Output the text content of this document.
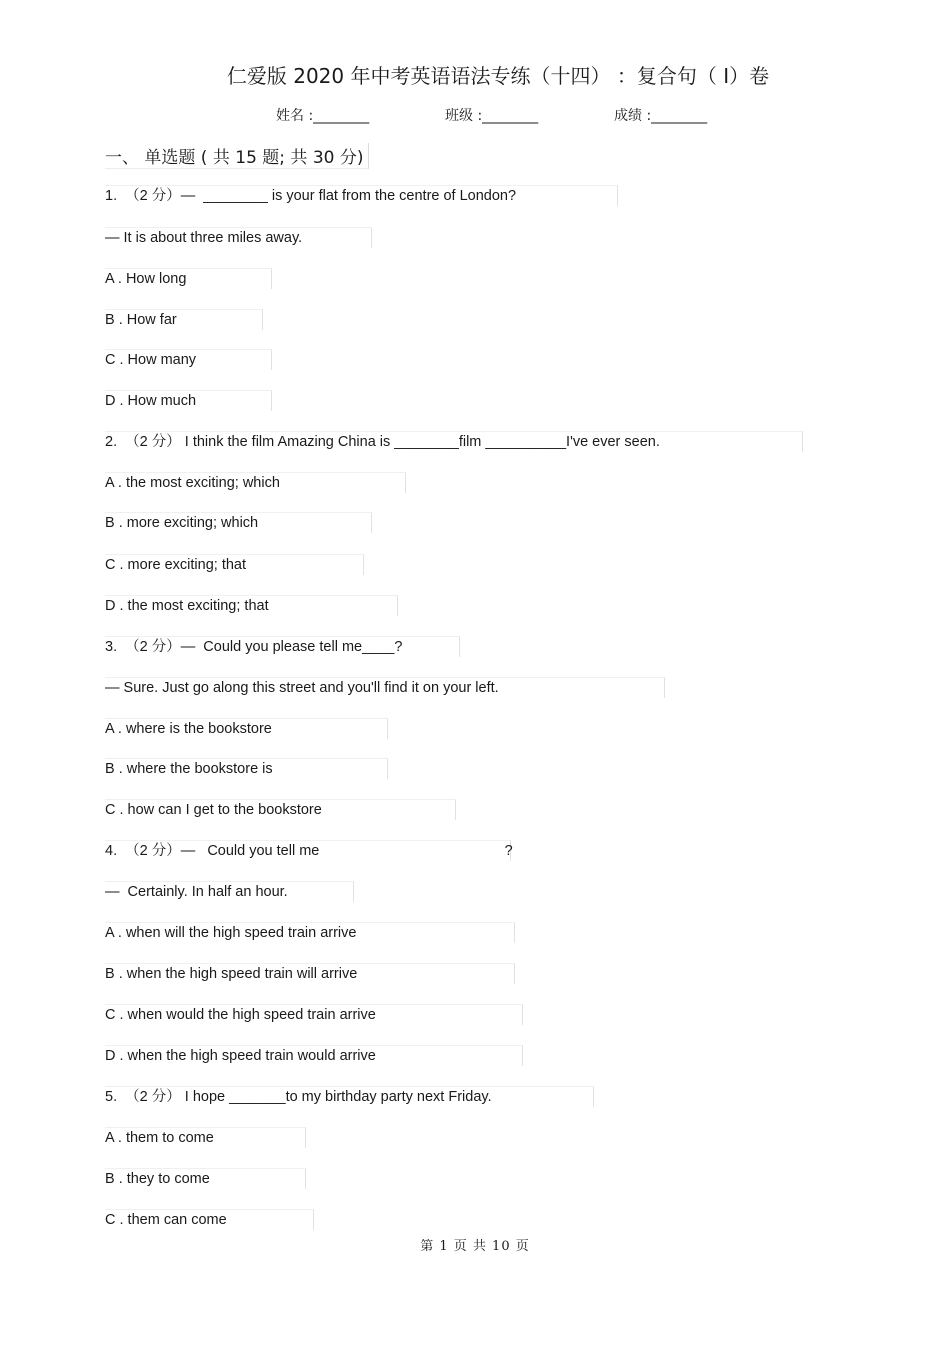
仁爱版 2020 年中考英语语法专练（十四） ：复合句（ I）卷
姓名 :________	班级 :________	成绩 :________
一、 单选题 ( 共 15 题; 共 30 分)
1.  （2 分）—  ________ is your flat from the centre of London?
— It is about three miles away.
A . How long
B . How far
C . How many
D . How much
2.  （2 分） I think the film Amazing China is ________film __________I've ever seen.
A . the most exciting; which
B . more exciting; which
C . more exciting; that
D . the most exciting; that
3.  （2 分）—  Could you please tell me____?
— Sure. Just go along this street and you'll find it on your left.
A . where is the bookstore
B . where the bookstore is
C . how can I get to the bookstore
4.  （2 分）—   Could you tell me                                              ?
—  Certainly. In half an hour.
A . when will the high speed train arrive
B . when the high speed train will arrive
C . when would the high speed train arrive
D . when the high speed train would arrive
5.  （2 分） I hope _______to my birthday party next Friday.
A . them to come
B . they to come
C . them can come
第 1 页 共 10 页
